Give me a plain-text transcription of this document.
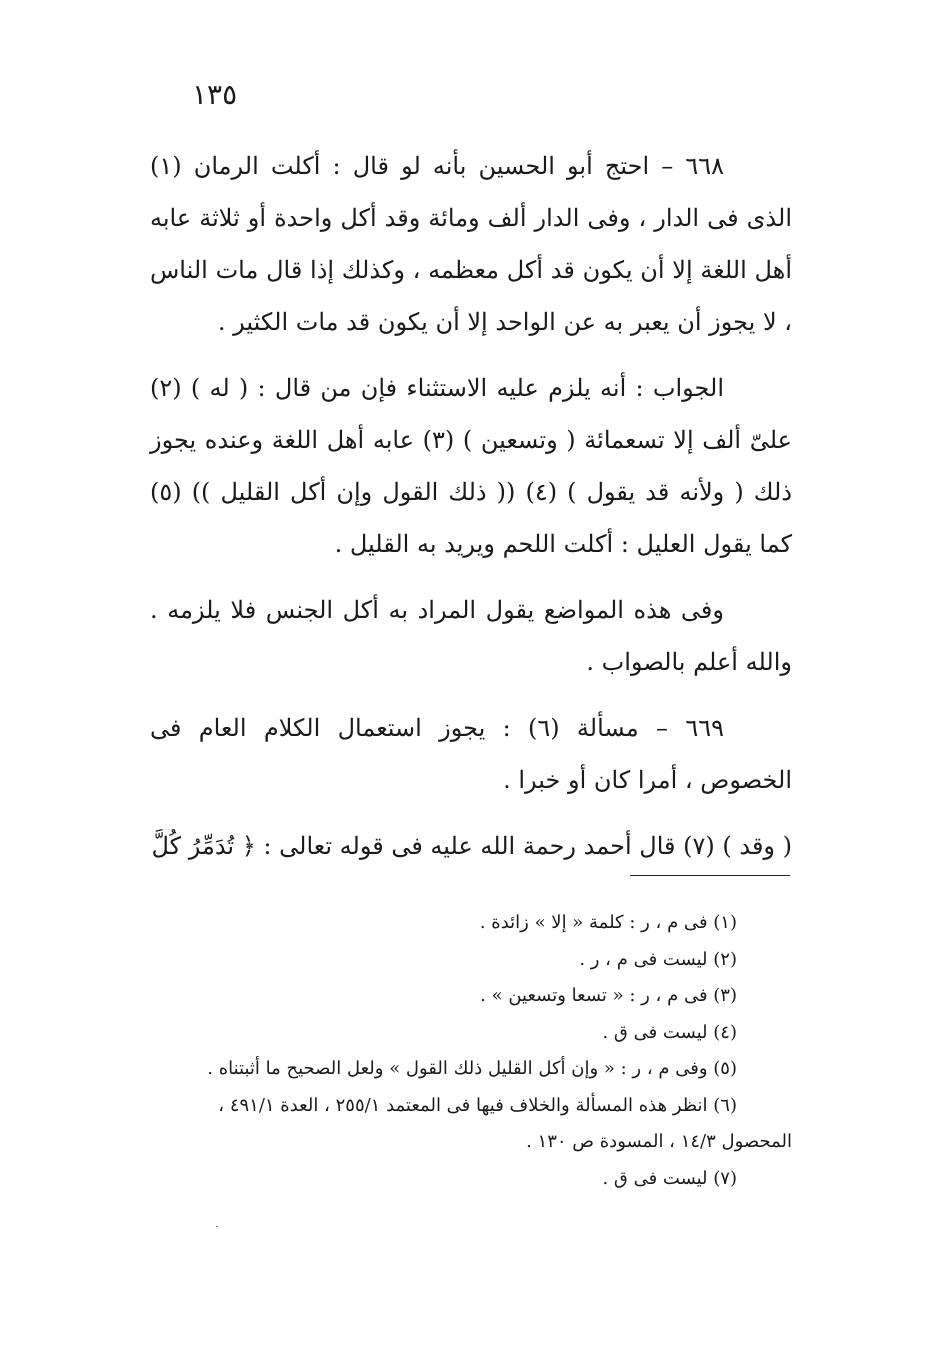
١٣٥

٦٦٨ – احتج أبو الحسين بأنه لو قال : أكلت الرمان (١) الذى فى الدار ، وفى الدار ألف ومائة وقد أكل واحدة أو ثلاثة عابه أهل اللغة إلا أن يكون قد أكل معظمه ، وكذلك إذا قال مات الناس ، لا يجوز أن يعبر به عن الواحد إلا أن يكون قد مات الكثير .

الجواب : أنه يلزم عليه الاستثناء فإن من قال : ( له ) (٢) علىّ ألف إلا تسعمائة ( وتسعين ) (٣) عابه أهل اللغة وعنده يجوز ذلك ( ولأنه قد يقول ) (٤) (( ذلك القول وإن أكل القليل )) (٥) كما يقول العليل : أكلت اللحم ويريد به القليل .

وفى هذه المواضع يقول المراد به أكل الجنس فلا يلزمه . والله أعلم بالصواب .

٦٦٩ – مسألة (٦) : يجوز استعمال الكلام العام فى الخصوص ، أمرا كان أو خبرا .

( وقد ) (٧) قال أحمد رحمة الله عليه فى قوله تعالى : ﴿ تُدَمِّرُ كُلَّ

(١) فى م ، ر : كلمة « إلا » زائدة .

(٢) ليست فى م ، ر .

(٣) فى م ، ر : « تسعا وتسعين » .

(٤) ليست فى ق .

(٥) وفى م ، ر : « وإن أكل القليل ذلك القول » ولعل الصحيح ما أثبتناه .

(٦) انظر هذه المسألة والخلاف فيها فى المعتمد ٢٥٥/١ ، العدة ٤٩١/١ ،

المحصول ١٤/٣ ، المسودة ص ١٣٠ .

(٧) ليست فى ق .
